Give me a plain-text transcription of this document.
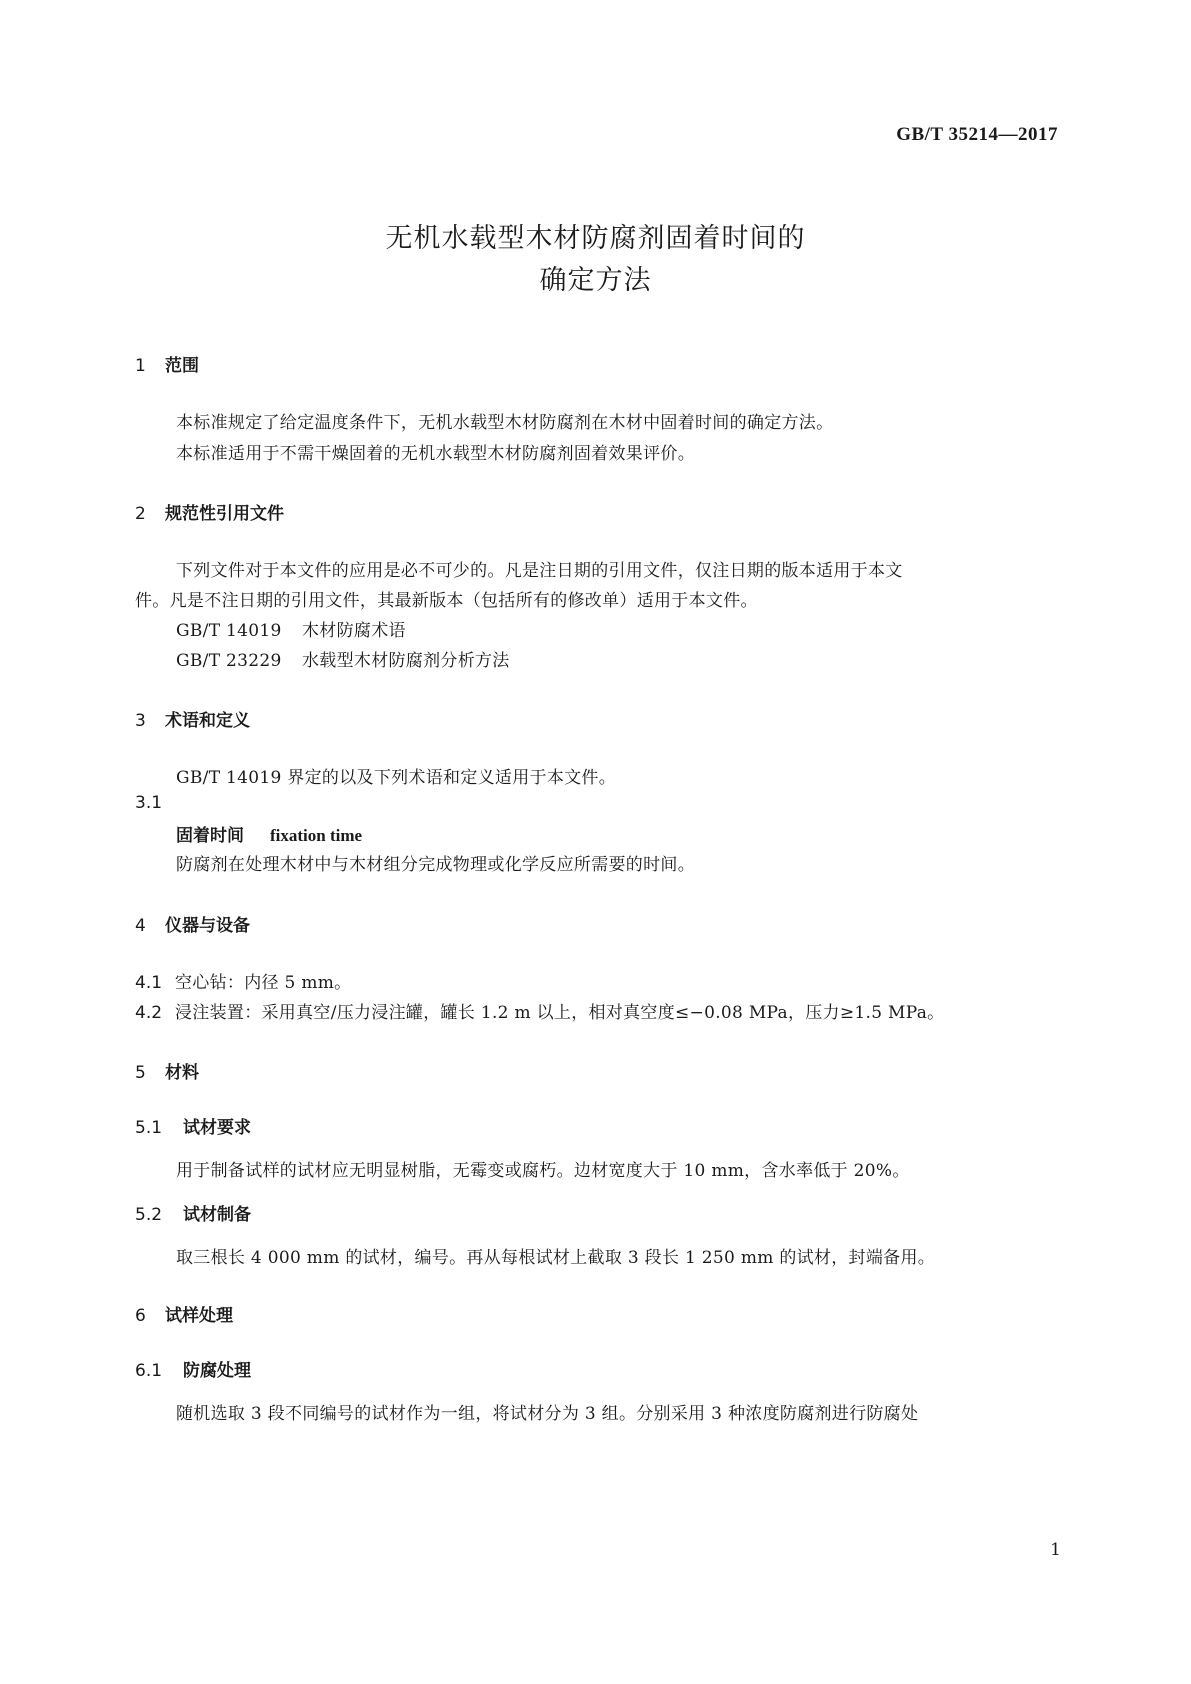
GB/T 35214—2017
无机水载型木材防腐剂固着时间的
确定方法
1 范围
本标准规定了给定温度条件下，无机水载型木材防腐剂在木材中固着时间的确定方法。
本标准适用于不需干燥固着的无机水载型木材防腐剂固着效果评价。
2 规范性引用文件
下列文件对于本文件的应用是必不可少的。凡是注日期的引用文件，仅注日期的版本适用于本文
件。凡是不注日期的引用文件，其最新版本（包括所有的修改单）适用于本文件。
GB/T 14019 木材防腐术语
GB/T 23229 水载型木材防腐剂分析方法
3 术语和定义
GB/T 14019 界定的以及下列术语和定义适用于本文件。
3.1
固着时间 fixation time
防腐剂在处理木材中与木材组分完成物理或化学反应所需要的时间。
4 仪器与设备
4.1 空心钻：内径 5 mm。
4.2 浸注装置：采用真空/压力浸注罐，罐长 1.2 m 以上，相对真空度≤−0.08 MPa，压力≥1.5 MPa。
5 材料
5.1 试材要求
用于制备试样的试材应无明显树脂，无霉变或腐朽。边材宽度大于 10 mm，含水率低于 20%。
5.2 试材制备
取三根长 4 000 mm 的试材，编号。再从每根试材上截取 3 段长 1 250 mm 的试材，封端备用。
6 试样处理
6.1 防腐处理
随机选取 3 段不同编号的试材作为一组，将试材分为 3 组。分别采用 3 种浓度防腐剂进行防腐处
1
